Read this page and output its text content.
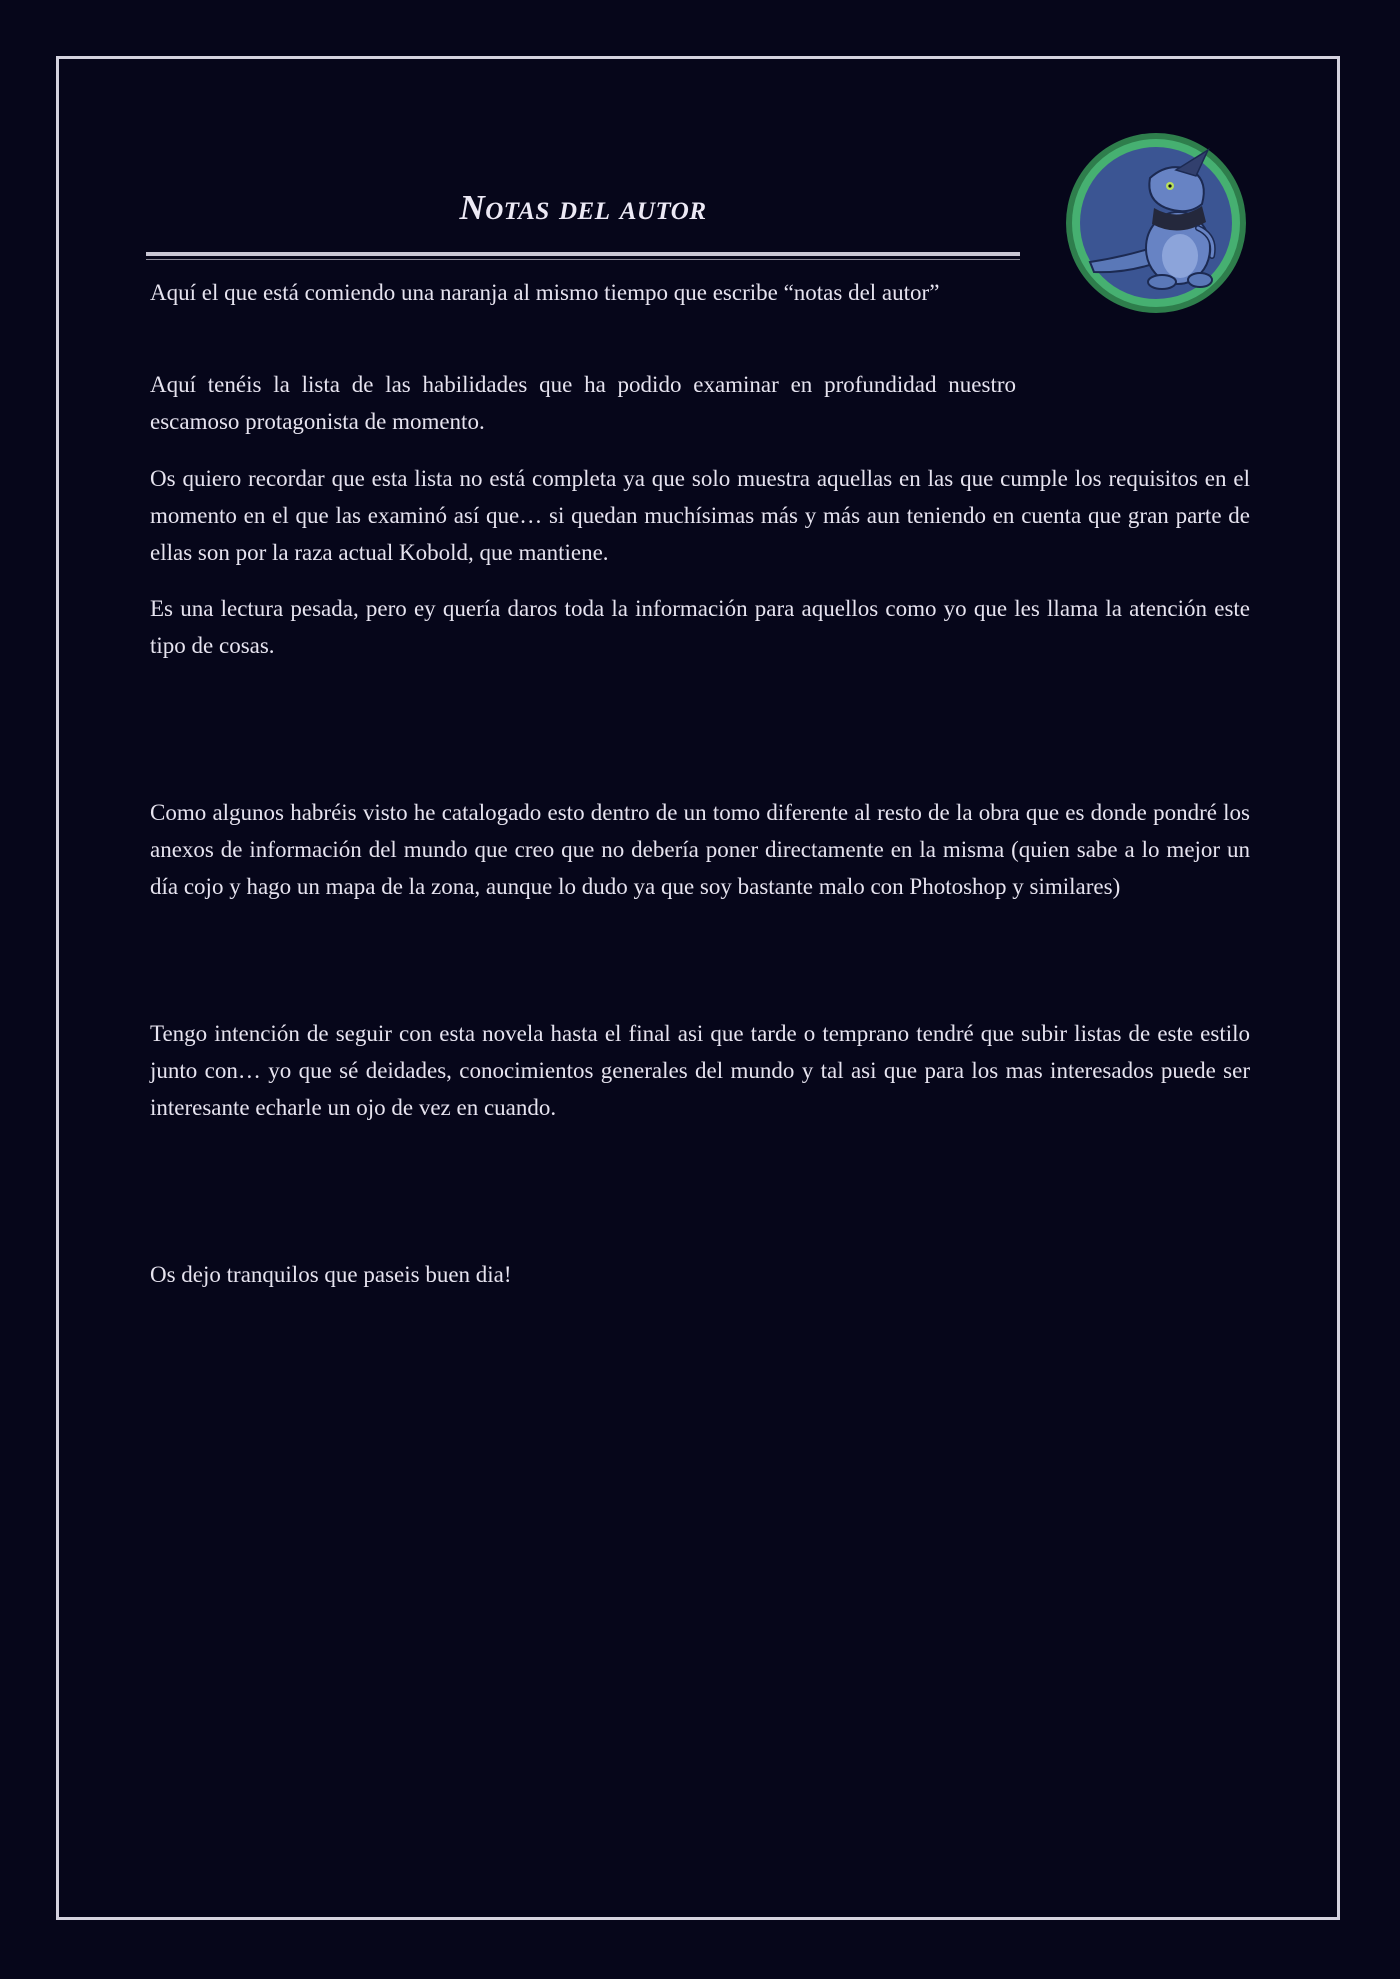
Notas del autor

Aquí el que está comiendo una naranja al mismo tiempo que escribe “notas del autor”

Aquí tenéis la lista de las habilidades que ha podido examinar en profundidad nuestro escamoso protagonista de momento.

Os quiero recordar que esta lista no está completa ya que solo muestra aquellas en las que cumple los requisitos en el momento en el que las examinó así que… si quedan muchísimas más y más aun teniendo en cuenta que gran parte de ellas son por la raza actual Kobold, que mantiene.

Es una lectura pesada, pero ey quería daros toda la información para aquellos como yo que les llama la atención este tipo de cosas.

Como algunos habréis visto he catalogado esto dentro de un tomo diferente al resto de la obra que es donde pondré los anexos de información del mundo que creo que no debería poner directamente en la misma (quien sabe a lo mejor un día cojo y hago un mapa de la zona, aunque lo dudo ya que soy bastante malo con Photoshop y similares)

Tengo intención de seguir con esta novela hasta el final asi que tarde o temprano tendré que subir listas de este estilo junto con… yo que sé deidades, conocimientos generales del mundo y tal asi que para los mas interesados puede ser interesante echarle un ojo de vez en cuando.

Os dejo tranquilos que paseis buen dia!
